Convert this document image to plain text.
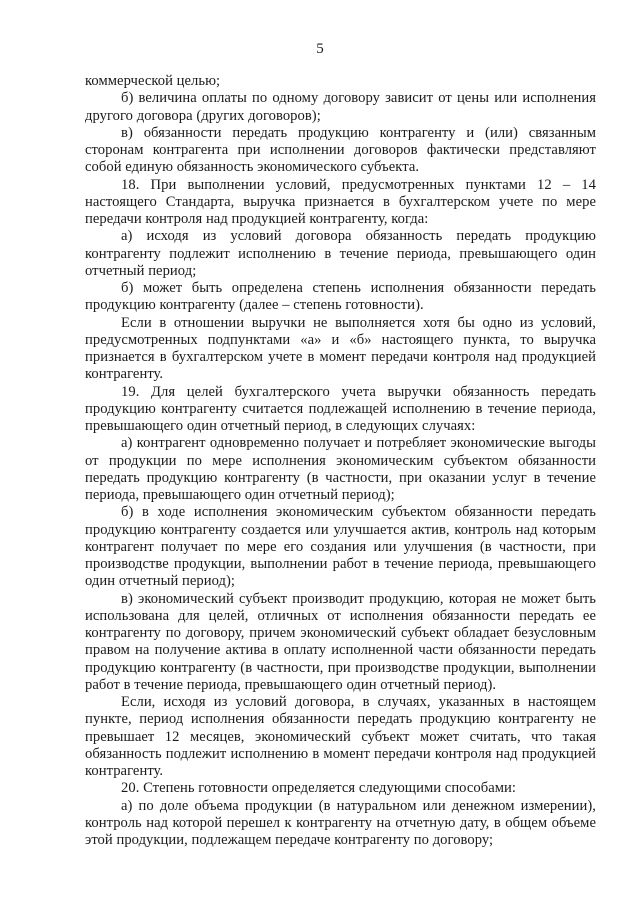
5

коммерческой целью;

б) величина оплаты по одному договору зависит от цены или исполнения другого договора (других договоров);

в) обязанности передать продукцию контрагенту и (или) связанным сторонам контрагента при исполнении договоров фактически представляют собой единую обязанность экономического субъекта.

18. При выполнении условий, предусмотренных пунктами 12 – 14 настоящего Стандарта, выручка признается в бухгалтерском учете по мере передачи контроля над продукцией контрагенту, когда:

а) исходя из условий договора обязанность передать продукцию контрагенту подлежит исполнению в течение периода, превышающего один отчетный период;

б) может быть определена степень исполнения обязанности передать продукцию контрагенту (далее – степень готовности).

Если в отношении выручки не выполняется хотя бы одно из условий, предусмотренных подпунктами «а» и «б» настоящего пункта, то выручка признается в бухгалтерском учете в момент передачи контроля над продукцией контрагенту.

19. Для целей бухгалтерского учета выручки обязанность передать продукцию контрагенту считается подлежащей исполнению в течение периода, превышающего один отчетный период, в следующих случаях:

а) контрагент одновременно получает и потребляет экономические выгоды от продукции по мере исполнения экономическим субъектом обязанности передать продукцию контрагенту (в частности, при оказании услуг в течение периода, превышающего один отчетный период);

б) в ходе исполнения экономическим субъектом обязанности передать продукцию контрагенту создается или улучшается актив, контроль над которым контрагент получает по мере его создания или улучшения (в частности, при производстве продукции, выполнении работ в течение периода, превышающего один отчетный период);

в) экономический субъект производит продукцию, которая не может быть использована для целей, отличных от исполнения обязанности передать ее контрагенту по договору, причем экономический субъект обладает безусловным правом на получение актива в оплату исполненной части обязанности передать продукцию контрагенту (в частности, при производстве продукции, выполнении работ в течение периода, превышающего один отчетный период).

Если, исходя из условий договора, в случаях, указанных в настоящем пункте, период исполнения обязанности передать продукцию контрагенту не превышает 12 месяцев, экономический субъект может считать, что такая обязанность подлежит исполнению в момент передачи контроля над продукцией контрагенту.

20. Степень готовности определяется следующими способами:

а) по доле объема продукции (в натуральном или денежном измерении), контроль над которой перешел к контрагенту на отчетную дату, в общем объеме этой продукции, подлежащем передаче контрагенту по договору;
